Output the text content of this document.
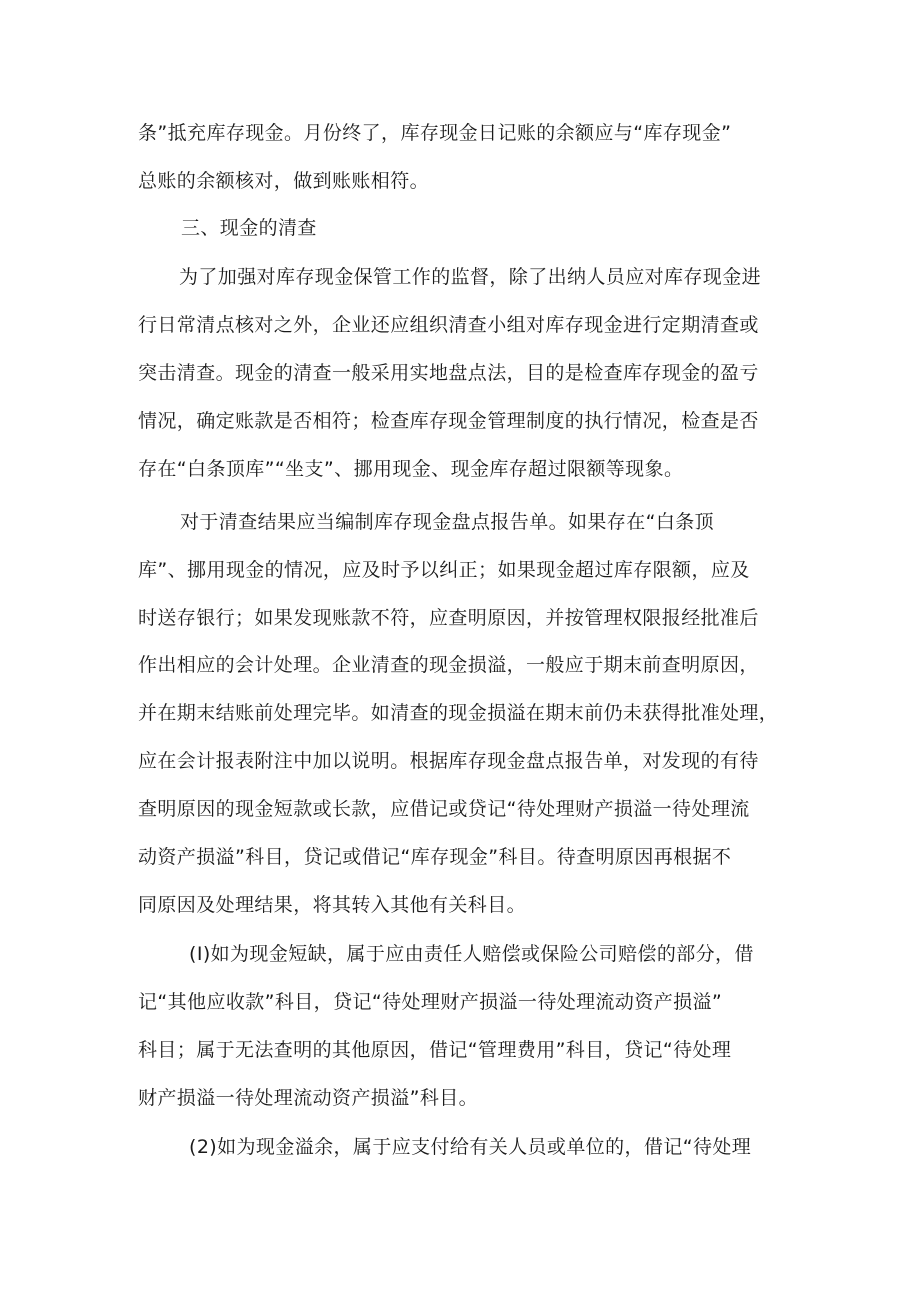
条”抵充库存现金。月份终了，库存现金日记账的余额应与“库存现金”
总账的余额核对，做到账账相符。
三、现金的清查
为了加强对库存现金保管工作的监督，除了出纳人员应对库存现金进
行日常清点核对之外，企业还应组织清查小组对库存现金进行定期清查或
突击清查。现金的清查一般采用实地盘点法，目的是检查库存现金的盈亏
情况，确定账款是否相符；检查库存现金管理制度的执行情况，检查是否
存在“白条顶库”“坐支”、挪用现金、现金库存超过限额等现象。
对于清查结果应当编制库存现金盘点报告单。如果存在“白条顶
库”、挪用现金的情况，应及时予以纠正；如果现金超过库存限额，应及
时送存银行；如果发现账款不符，应查明原因，并按管理权限报经批准后
作出相应的会计处理。企业清查的现金损溢，一般应于期末前查明原因，
并在期末结账前处理完毕。如清查的现金损溢在期末前仍未获得批准处理，
应在会计报表附注中加以说明。根据库存现金盘点报告单，对发现的有待
查明原因的现金短款或长款，应借记或贷记“待处理财产损溢一待处理流
动资产损溢”科目，贷记或借记“库存现金”科目。待查明原因再根据不
同原因及处理结果，将其转入其他有关科目。
(I)如为现金短缺，属于应由责任人赔偿或保险公司赔偿的部分，借
记“其他应收款”科目，贷记“待处理财产损溢一待处理流动资产损溢”
科目；属于无法查明的其他原因，借记“管理费用”科目，贷记“待处理
财产损溢一待处理流动资产损溢”科目。
(2)如为现金溢余，属于应支付给有关人员或单位的，借记“待处理
